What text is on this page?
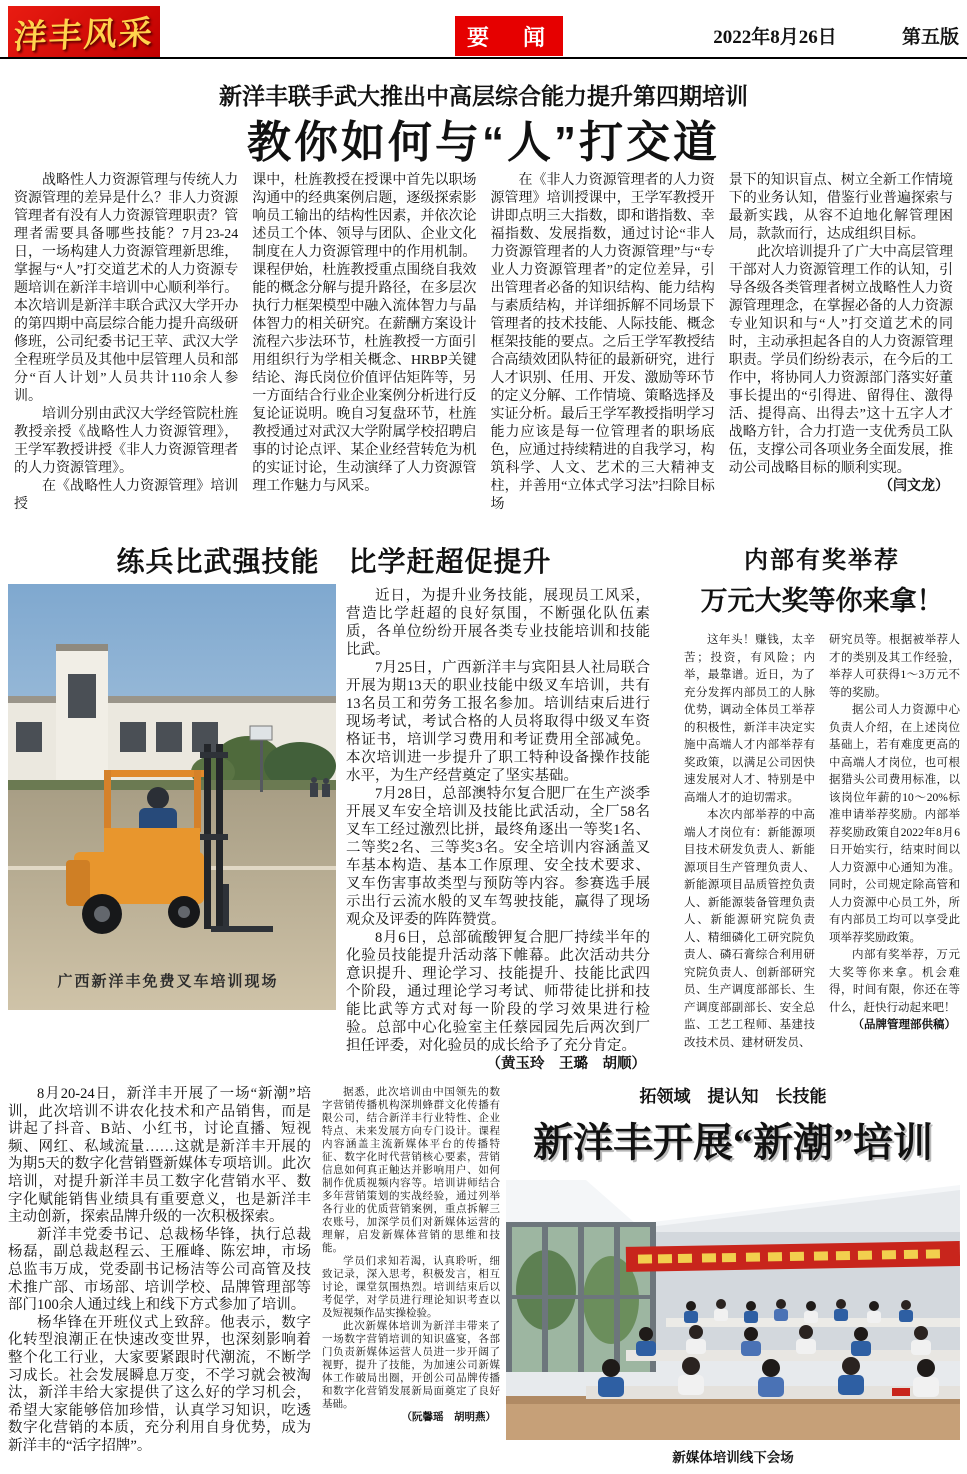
洋丰风采	要　闻	2022年8月26日	第五版
新洋丰联手武大推出中高层综合能力提升第四期培训
教你如何与“人”打交道

战略性人力资源管理与传统人力资源管理的差异是什么？非人力资源管理者有没有人力资源管理职责？管理者需要具备哪些技能？7月23-24日，一场构建人力资源管理新思维，掌握与“人”打交道艺术的人力资源专题培训在新洋丰培训中心顺利举行。本次培训是新洋丰联合武汉大学开办的第四期中高层综合能力提升高级研修班，公司纪委书记王苹、武汉大学全程班学员及其他中层管理人员和部分“百人计划”人员共计110余人参训。

培训分别由武汉大学经管院杜旌教授亲授《战略性人力资源管理》，王学军教授讲授《非人力资源管理者的人力资源管理》。

在《战略性人力资源管理》培训授

课中，杜旌教授在授课中首先以职场沟通中的经典案例启题，逐级探索影响员工输出的结构性因素，并依次论述员工个体、领导与团队、企业文化制度在人力资源管理中的作用机制。课程伊始，杜旌教授重点围绕自我效能的概念分解与提升路径，在多层次执行力框架模型中融入流体智力与晶体智力的相关研究。在薪酬方案设计流程六步法环节，杜旌教授一方面引用组织行为学相关概念、HRBP关键结论、海氏岗位价值评估矩阵等，另一方面结合行业企业案例分析进行反复论证说明。晚自习复盘环节，杜旌教授通过对武汉大学附属学校招聘启事的讨论点评、某企业经营转危为机的实证讨论，生动演绎了人力资源管理工作魅力与风采。

在《非人力资源管理者的人力资源管理》培训授课中，王学军教授开讲即点明三大指数，即和谐指数、幸福指数、发展指数，通过讨论“非人力资源管理者的人力资源管理”与“专业人力资源管理者”的定位差异，引出管理者必备的知识结构、能力结构与素质结构，并详细拆解不同场景下管理者的技术技能、人际技能、概念框架技能的要点。之后王学军教授结合高绩效团队特征的最新研究，进行人才识别、任用、开发、激励等环节的定义分解、工作情境、策略选择及实证分析。最后王学军教授指明学习能力应该是每一位管理者的职场底色，应通过持续精进的自我学习，构筑科学、人文、艺术的三大精神支柱，并善用“立体式学习法”扫除目标场

景下的知识盲点、树立全新工作情境下的业务认知，借鉴行业普遍探索与最新实践，从容不迫地化解管理困局，款款而行，达成组织目标。

此次培训提升了广大中高层管理干部对人力资源管理工作的认知，引导各级各类管理者树立战略性人力资源管理理念，在掌握必备的人力资源专业知识和与“人”打交道艺术的同时，主动承担起各自的人力资源管理职责。学员们纷纷表示，在今后的工作中，将协同人力资源部门落实好董事长提出的“引得进、留得住、激得活、提得高、出得去”这十五字人才战略方针，合力打造一支优秀员工队伍，支撑公司各项业务全面发展，推动公司战略目标的顺利实现。

（闫文龙）
练兵比武强技能　比学赶超促提升
广西新洋丰免费叉车培训现场

近日，为提升业务技能，展现员工风采，营造比学赶超的良好氛围，不断强化队伍素质，各单位纷纷开展各类专业技能培训和技能比武。

7月25日，广西新洋丰与宾阳县人社局联合开展为期13天的职业技能中级叉车培训，共有13名员工和劳务工报名参加。培训结束后进行现场考试，考试合格的人员将取得中级叉车资格证书，培训学习费用和考证费用全部减免。本次培训进一步提升了职工特种设备操作技能水平，为生产经营奠定了坚实基础。

7月28日，总部澳特尔复合肥厂在生产淡季开展叉车安全培训及技能比武活动，全厂58名叉车工经过激烈比拼，最终角逐出一等奖1名、二等奖2名、三等奖3名。安全培训内容涵盖叉车基本构造、基本工作原理、安全技术要求、叉车伤害事故类型与预防等内容。参赛选手展示出行云流水般的叉车驾驶技能，赢得了现场观众及评委的阵阵赞赏。

8月6日，总部硫酸钾复合肥厂持续半年的化验员技能提升活动落下帷幕。此次活动共分意识提升、理论学习、技能提升、技能比武四个阶段，通过理论学习考试、师带徒比拼和技能比武等方式对每一阶段的学习效果进行检验。总部中心化验室主任蔡园园先后两次到厂担任评委，对化验员的成长给予了充分肯定。

（黄玉玲　王璐　胡顺）
内部有奖举荐
万元大奖等你来拿！

这年头！赚钱，太辛苦；投资，有风险；内举，最靠谱。近日，为了充分发挥内部员工的人脉优势，调动全体员工举荐的积极性，新洋丰决定实施中高端人才内部举荐有奖政策，以满足公司因快速发展对人才、特别是中高端人才的迫切需求。

本次内部举荐的中高端人才岗位有：新能源项目技术研发负责人、新能源项目生产管理负责人、新能源项目品质管控负责人、新能源装备管理负责人、新能源研究院负责人、精细磷化工研究院负责人、磷石膏综合利用研究院负责人、创新部研究员、生产调度部部长、生产调度部副部长、安全总监、工艺工程师、基建技改技术员、建材研发员、

研究员等。根据被举荐人才的类别及其工作经验，举荐人可获得1～3万元不等的奖励。

据公司人力资源中心负责人介绍，在上述岗位基础上，若有难度更高的中高端人才岗位，也可根据猎头公司费用标准，以该岗位年薪的10～20%标准申请举荐奖励。内部举荐奖励政策自2022年8月6日开始实行，结束时间以人力资源中心通知为准。同时，公司规定除高管和人力资源中心员工外，所有内部员工均可以享受此项举荐奖励政策。

内部有奖举荐，万元大奖等你来拿。机会难得，时间有限，你还在等什么，赶快行动起来吧！

（品牌管理部供稿）

8月20-24日，新洋丰开展了一场“新潮”培训，此次培训不讲农化技术和产品销售，而是讲起了抖音、B站、小红书，讨论直播、短视频、网红、私域流量……这就是新洋丰开展的为期5天的数字化营销暨新媒体专项培训。此次培训，对提升新洋丰员工数字化营销水平、数字化赋能销售业绩具有重要意义，也是新洋丰主动创新，探索品牌升级的一次积极探索。

新洋丰党委书记、总裁杨华锋，执行总裁杨磊，副总裁赵程云、王雁峰、陈宏坤，市场总监韦万成，党委副书记杨洁等公司高管及技术推广部、市场部、培训学校、品牌管理部等部门100余人通过线上和线下方式参加了培训。

杨华锋在开班仪式上致辞。他表示，数字化转型浪潮正在快速改变世界，也深刻影响着整个化工行业，大家要紧跟时代潮流，不断学习成长。社会发展瞬息万变，不学习就会被淘汰，新洋丰给大家提供了这么好的学习机会，希望大家能够倍加珍惜，认真学习知识，吃透数字化营销的本质，充分利用自身优势，成为新洋丰的“活字招牌”。

据悉，此次培训由中国领先的数字营销传播机构深圳蜂群文化传播有限公司，结合新洋丰行业特性、企业特点、未来发展方向专门设计。课程内容涵盖主流新媒体平台的传播特征、数字化时代营销核心要素，营销信息如何真正触达并影响用户、如何制作优质视频内容等。培训讲师结合多年营销策划的实战经验，通过列举各行业的优质营销案例，重点拆解三农账号，加深学员们对新媒体运营的理解，启发新媒体营销的思维和技能。

学员们求知若渴，认真聆听，细致记录，深入思考，积极发言，相互讨论，课堂氛围热烈。培训结束后以考促学，对学员进行理论知识考查以及短视频作品实操检验。

此次新媒体培训为新洋丰带来了一场数字营销培训的知识盛宴，各部门负责新媒体运营人员进一步开阔了视野，提升了技能，为加速公司新媒体工作破局出圈，开创公司品牌传播和数字化营销发展新局面奠定了良好基础。

（阮馨瑶　胡明燕）
拓领域　提认知　长技能
新洋丰开展“新潮”培训
新媒体培训线下会场
